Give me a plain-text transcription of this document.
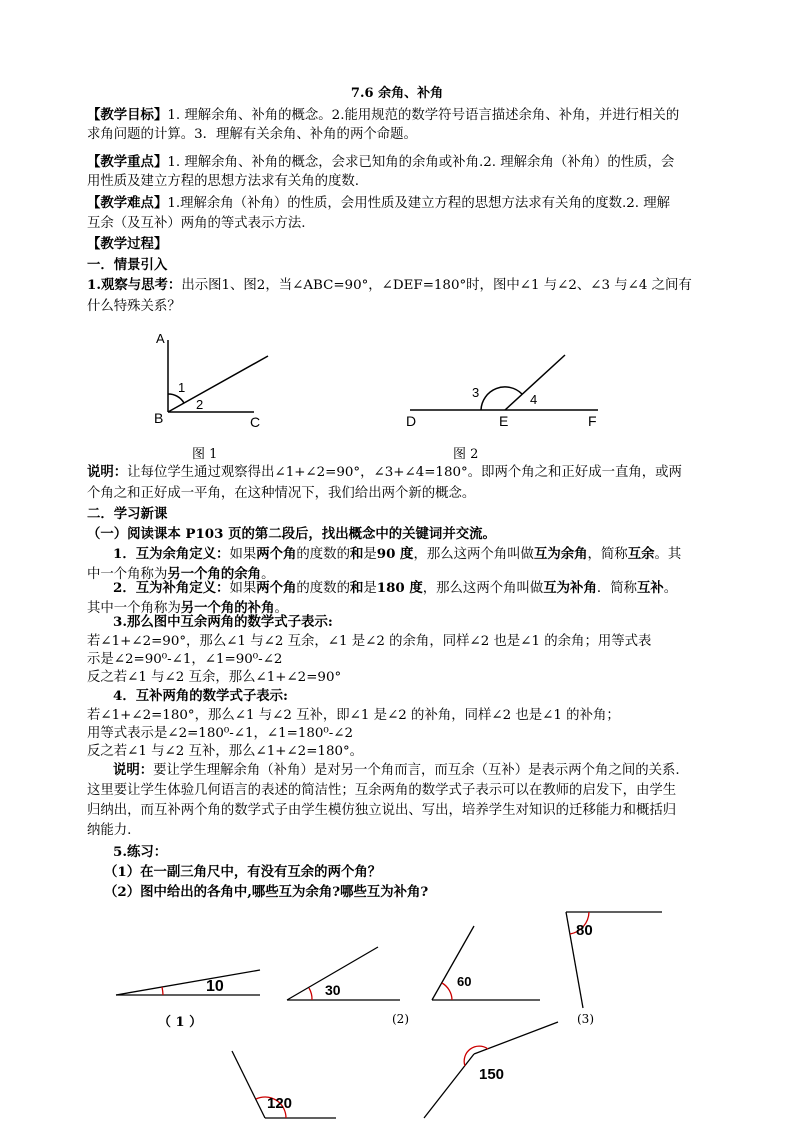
7.6 余角、补角
【教学目标】1. 理解余角、补角的概念。2.能用规范的数学符号语言描述余角、补角，并进行相关的
求角问题的计算。3．理解有关余角、补角的两个命题。
【教学重点】1. 理解余角、补角的概念，会求已知角的余角或补角.2. 理解余角（补角）的性质，会
用性质及建立方程的思想方法求有关角的度数.
【教学难点】1.理解余角（补角）的性质，会用性质及建立方程的思想方法求有关角的度数.2. 理解
互余（及互补）两角的等式表示方法.
【教学过程】
一．情景引入
1.观察与思考：出示图1、图2，当∠ABC=90°，∠DEF=180°时，图中∠1 与∠2、∠3 与∠4 之间有
什么特殊关系？
A
1
2
B	C
3	4
D	E	F
10	30
60
80
120
150
图 1	图 2
说明：让每位学生通过观察得出∠1+∠2=90°，∠3+∠4=180°。即两个角之和正好成一直角，或两
个角之和正好成一平角，在这种情况下，我们给出两个新的概念。
二．学习新课
（一）阅读课本 P103 页的第二段后，找出概念中的关键词并交流。
1．互为余角定义：如果两个角的度数的和是90 度，那么这两个角叫做互为余角，简称互余。其
中一个角称为另一个角的余角。
2．互为补角定义：如果两个角的度数的和是180 度，那么这两个角叫做互为补角．简称互补。
其中一个角称为另一个角的补角。
3.那么图中互余两角的数学式子表示:
若∠1+∠2=90°，那么∠1 与∠2 互余，∠1 是∠2 的余角，同样∠2 也是∠1 的余角；用等式表
示是∠2=90⁰-∠1，∠1=90⁰-∠2
反之若∠1 与∠2 互余，那么∠1+∠2=90°
4．互补两角的数学式子表示:
若∠1+∠2=180°，那么∠1 与∠2 互补，即∠1 是∠2 的补角，同样∠2 也是∠1 的补角；
用等式表示是∠2=180⁰-∠1，∠1=180⁰-∠2
反之若∠1 与∠2 互补，那么∠1+∠2=180°。
说明：要让学生理解余角（补角）是对另一个角而言，而互余（互补）是表示两个角之间的关系.
这里要让学生体验几何语言的表述的简洁性；互余两角的数学式子表示可以在教师的启发下，由学生
归纳出，而互补两个角的数学式子由学生模仿独立说出、写出，培养学生对知识的迁移能力和概括归
纳能力.
5.练习：
（1）在一副三角尺中，有没有互余的两个角？
（2）图中给出的各角中,哪些互为余角?哪些互为补角?
（ 1 ）	(2)	(3)
